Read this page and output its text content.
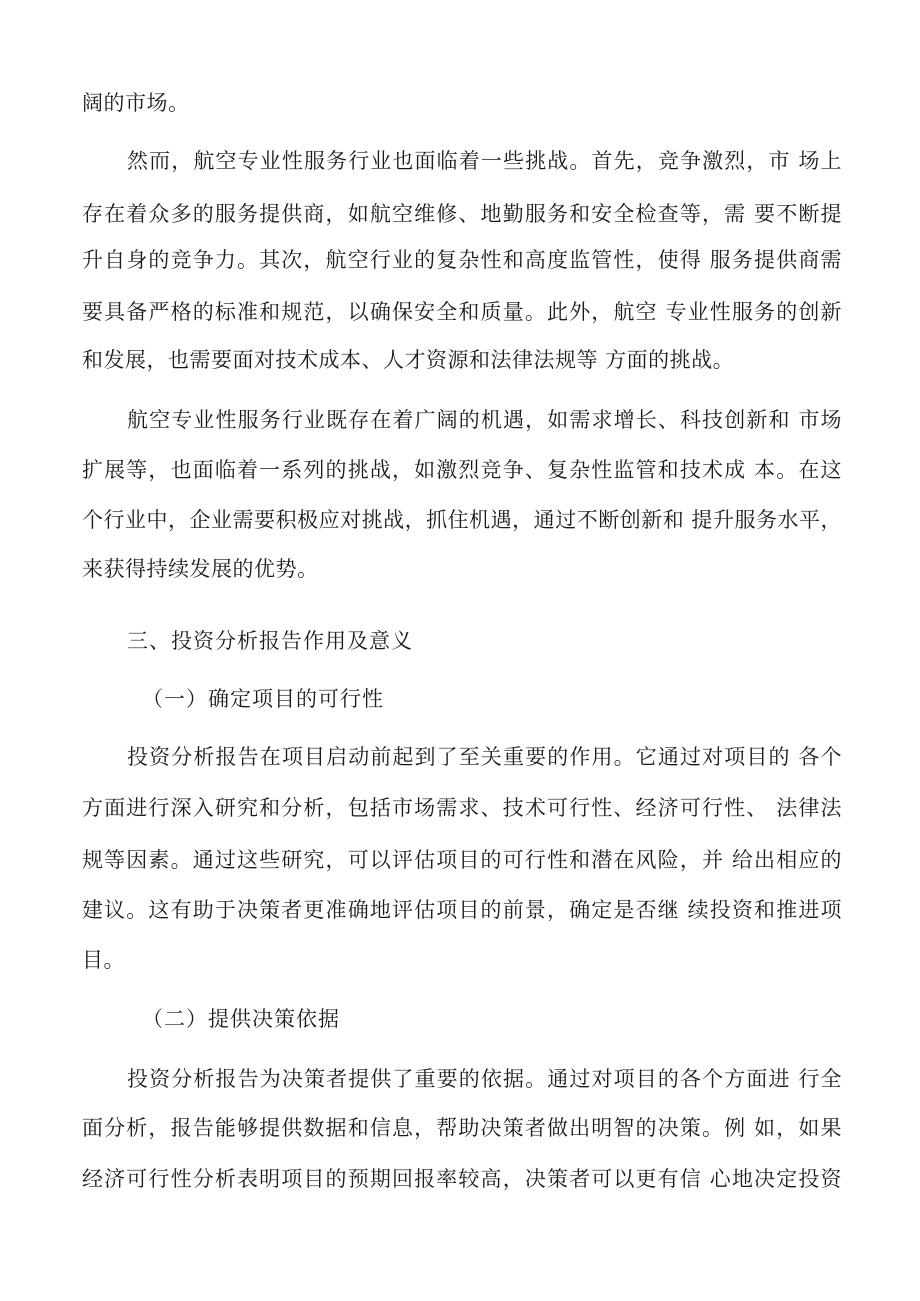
阔的市场。
然而，航空专业性服务行业也面临着一些挑战。首先，竞争激烈，市 场上
存在着众多的服务提供商，如航空维修、地勤服务和安全检查等，需 要不断提
升自身的竞争力。其次，航空行业的复杂性和高度监管性，使得 服务提供商需
要具备严格的标准和规范，以确保安全和质量。此外，航空 专业性服务的创新
和发展，也需要面对技术成本、人才资源和法律法规等 方面的挑战。
航空专业性服务行业既存在着广阔的机遇，如需求增长、科技创新和 市场
扩展等，也面临着一系列的挑战，如激烈竞争、复杂性监管和技术成 本。在这
个行业中，企业需要积极应对挑战，抓住机遇，通过不断创新和 提升服务水平，
来获得持续发展的优势。
三、投资分析报告作用及意义
（一）确定项目的可行性
投资分析报告在项目启动前起到了至关重要的作用。它通过对项目的 各个
方面进行深入研究和分析，包括市场需求、技术可行性、经济可行性、 法律法
规等因素。通过这些研究，可以评估项目的可行性和潜在风险，并 给出相应的
建议。这有助于决策者更准确地评估项目的前景，确定是否继 续投资和推进项
目。
（二）提供决策依据
投资分析报告为决策者提供了重要的依据。通过对项目的各个方面进 行全
面分析，报告能够提供数据和信息，帮助决策者做出明智的决策。例 如，如果
经济可行性分析表明项目的预期回报率较高，决策者可以更有信 心地决定投资
